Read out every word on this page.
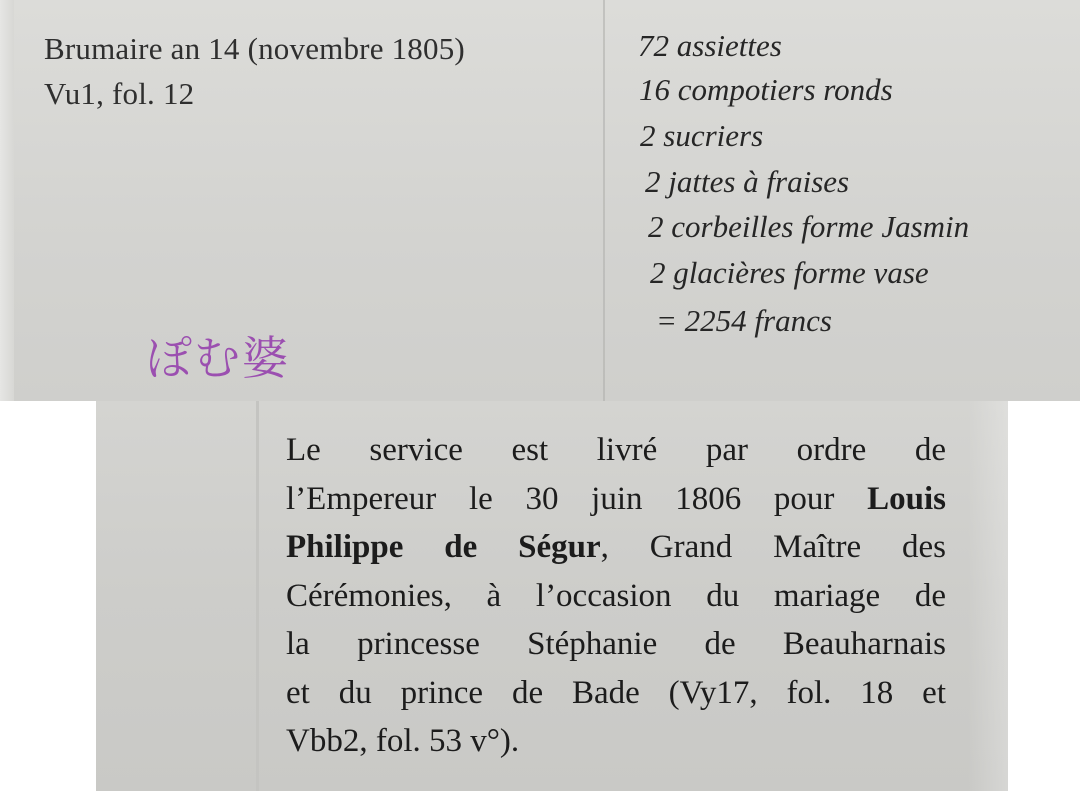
Brumaire an 14 (novembre 1805)
Vu1, fol. 12
72 assiettes
16 compotiers ronds
2 sucriers
2 jattes à fraises
2 corbeilles forme Jasmin
2 glacières forme vase
= 2254 francs
ぽむ婆
Le service est livré par ordre de
l’Empereur le 30 juin 1806 pour Louis
Philippe de Ségur, Grand Maître des
Cérémonies, à l’occasion du mariage de
la princesse Stéphanie de Beauharnais
et du prince de Bade (Vy17, fol. 18 et
Vbb2, fol. 53 v°).
